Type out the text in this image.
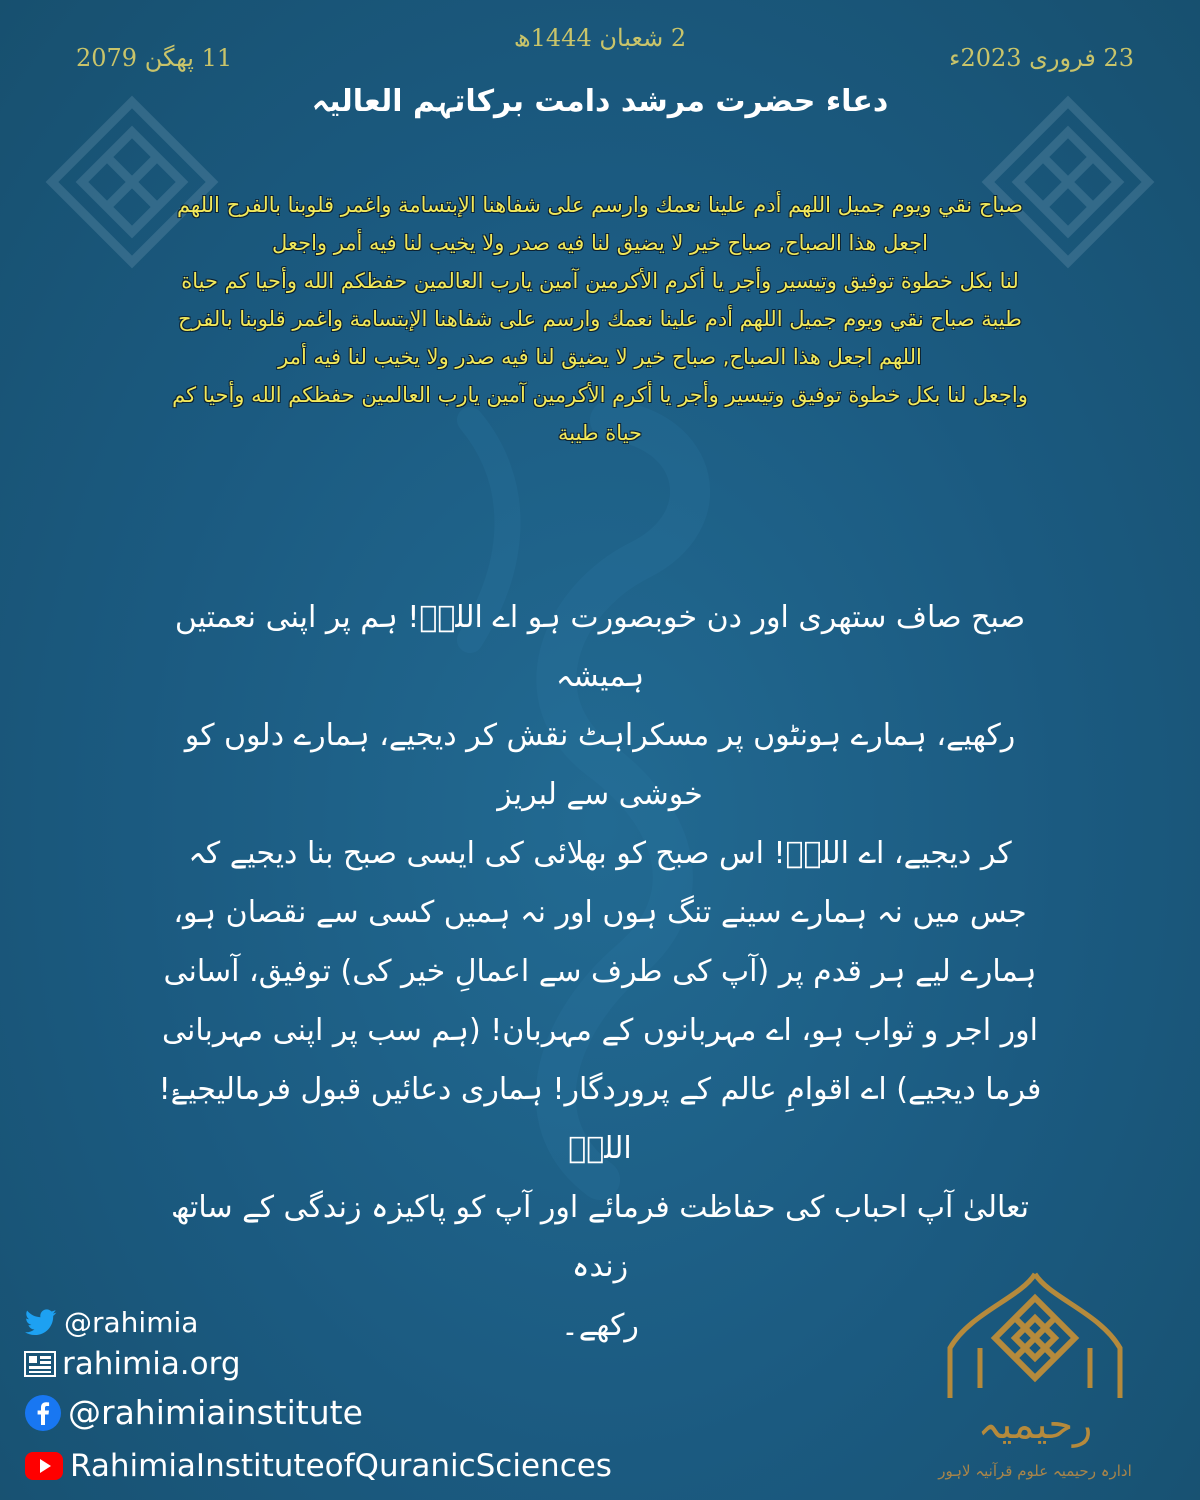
2 شعبان 1444ھ
23 فروری 2023ء
11 پھگن 2079
دعاء حضرت مرشد دامت برکاتہم العالیہ

صباح نقي ويوم جميل اللهم أدم علينا نعمك وارسم على شفاهنا الإبتسامة واغمر قلوبنا بالفرح اللهم

اجعل هذا الصباح, صباح خير لا يضيق لنا فيه صدر ولا يخيب لنا فيه أمر واجعل

لنا بكل خطوة توفيق وتيسير وأجر يا أكرم الأكرمين آمين يارب العالمين حفظكم الله وأحيا كم حياة

طيبة صباح نقي ويوم جميل اللهم أدم علينا نعمك وارسم على شفاهنا الإبتسامة واغمر قلوبنا بالفرح

اللهم اجعل هذا الصباح, صباح خير لا يضيق لنا فيه صدر ولا يخيب لنا فيه أمر

واجعل لنا بكل خطوة توفيق وتيسير وأجر يا أكرم الأكرمين آمين يارب العالمين حفظكم الله وأحيا كم

حياة طيبة

صبح صاف ستھری اور دن خوبصورت ہو اے اللہؑ! ہم پر اپنی نعمتیں ہمیشہ

رکھیے، ہمارے ہونٹوں پر مسکراہٹ نقش کر دیجیے، ہمارے دلوں کو خوشی سے لبریز

کر دیجیے، اے اللہؑ! اس صبح کو بھلائی کی ایسی صبح بنا دیجیے کہ

جس میں نہ ہمارے سینے تنگ ہوں اور نہ ہمیں کسی سے نقصان ہو،

ہمارے لیے ہر قدم پر (آپ کی طرف سے اعمالِ خیر کی) توفیق، آسانی

اور اجر و ثواب ہو، اے مہربانوں کے مہربان! (ہم سب پر اپنی مہربانی

فرما دیجیے) اے اقوامِ عالم کے پروردگار! ہماری دعائیں قبول فرمالیجیۓ! اللہؑ

تعالیٰ آپ احباب کی حفاظت فرمائے اور آپ کو پاکیزہ زندگی کے ساتھ زندہ

رکھے۔

@rahimia
rahimia.org
@rahimiainstitute
RahimiaInstituteofQuranicSciences
رحیمیہ
ادارہ رحیمیہ علوم قرآنیہ لاہور
